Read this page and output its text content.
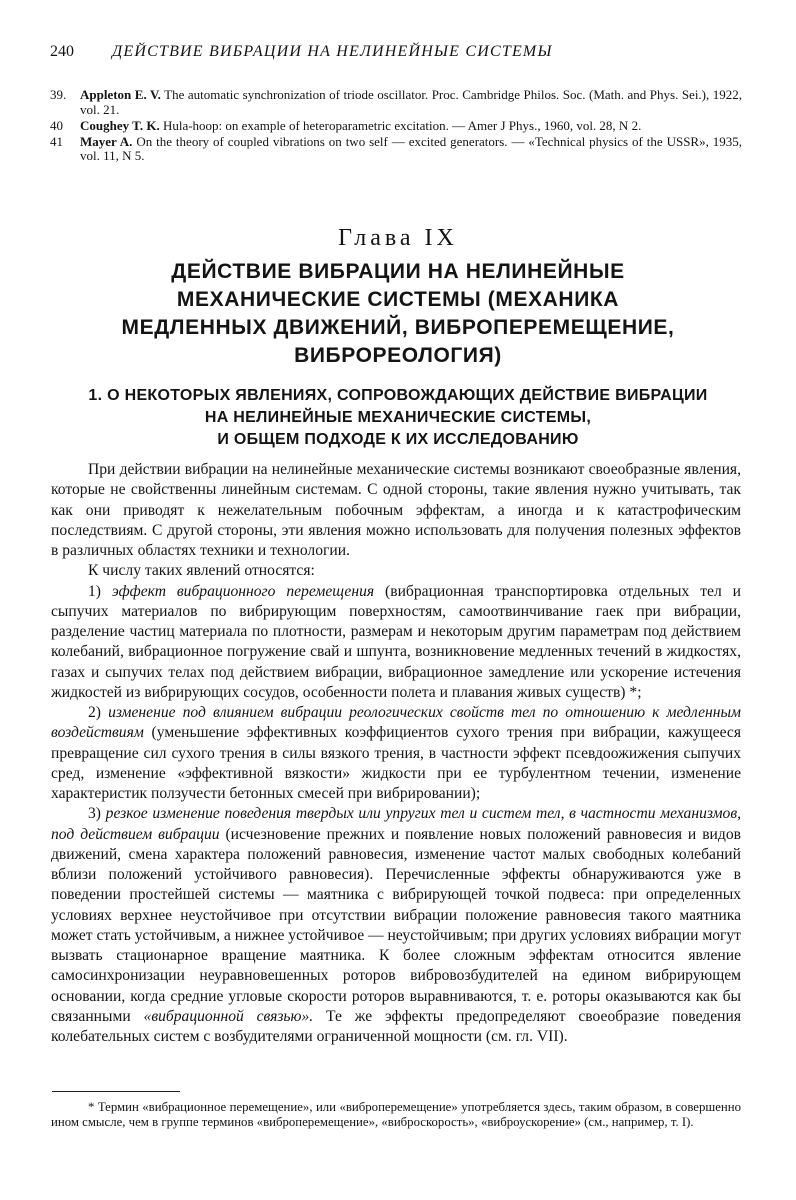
240 ДЕЙСТВИЕ ВИБРАЦИИ НА НЕЛИНЕЙНЫЕ СИСТЕМЫ
39. Appleton E. V. The automatic synchronization of triode oscillator. Proc. Cambridge Philos. Soc. (Math. and Phys. Sei.), 1922, vol. 21.
40 Coughey T. K. Hula-hoop: on example of heteroparametric excitation. — Amer J Phys., 1960, vol. 28, N 2.
41 Mayer A. On the theory of coupled vibrations on two self — excited generators. — «Technical physics of the USSR», 1935, vol. 11, N 5.
Глава IX
ДЕЙСТВИЕ ВИБРАЦИИ НА НЕЛИНЕЙНЫЕ
МЕХАНИЧЕСКИЕ СИСТЕМЫ (МЕХАНИКА
МЕДЛЕННЫХ ДВИЖЕНИЙ, ВИБРОПЕРЕМЕЩЕНИЕ,
ВИБРОРЕОЛОГИЯ)
1. О НЕКОТОРЫХ ЯВЛЕНИЯХ, СОПРОВОЖДАЮЩИХ ДЕЙСТВИЕ ВИБРАЦИИ
НА НЕЛИНЕЙНЫЕ МЕХАНИЧЕСКИЕ СИСТЕМЫ,
И ОБЩЕМ ПОДХОДЕ К ИХ ИССЛЕДОВАНИЮ

При действии вибрации на нелинейные механические системы возникают своеобразные явления, которые не свойственны линейным системам. С одной стороны, такие явления нужно учитывать, так как они приводят к нежелательным побочным эффектам, а иногда и к катастрофическим последствиям. С другой стороны, эти явления можно использовать для получения полезных эффектов в различных областях техники и технологии.

К числу таких явлений относятся:

1) эффект вибрационного перемещения (вибрационная транспортировка отдельных тел и сыпучих материалов по вибрирующим поверхностям, самоотвинчивание гаек при вибрации, разделение частиц материала по плотности, размерам и некоторым другим параметрам под действием колебаний, вибрационное погружение свай и шпунта, возникновение медленных течений в жидкостях, газах и сыпучих телах под действием вибрации, вибрационное замедление или ускорение истечения жидкостей из вибрирующих сосудов, особенности полета и плавания живых существ) *;

2) изменение под влиянием вибрации реологических свойств тел по отношению к медленным воздействиям (уменьшение эффективных коэффициентов сухого трения при вибрации, кажущееся превращение сил сухого трения в силы вязкого трения, в частности эффект псевдоожижения сыпучих сред, изменение «эффективной вязкости» жидкости при ее турбулентном течении, изменение характеристик ползучести бетонных смесей при вибрировании);

3) резкое изменение поведения твердых или упругих тел и систем тел, в частности механизмов, под действием вибрации (исчезновение прежних и появление новых положений равновесия и видов движений, смена характера положений равновесия, изменение частот малых свободных колебаний вблизи положений устойчивого равновесия). Перечисленные эффекты обнаруживаются уже в поведении простейшей системы — маятника с вибрирующей точкой подвеса: при определенных условиях верхнее неустойчивое при отсутствии вибрации положение равновесия такого маятника может стать устойчивым, а нижнее устойчивое — неустойчивым; при других условиях вибрации могут вызвать стационарное вращение маятника. К более сложным эффектам относится явление самосинхронизации неуравновешенных роторов вибровозбудителей на едином вибрирующем основании, когда средние угловые скорости роторов выравниваются, т. е. роторы оказываются как бы связанными «вибрационной связью». Те же эффекты предопределяют своеобразие поведения колебательных систем с возбудителями ограниченной мощности (см. гл. VII).

* Термин «вибрационное перемещение», или «виброперемещение» употребляется здесь, таким образом, в совершенно ином смысле, чем в группе терминов «виброперемещение», «виброскорость», «виброускорение» (см., например, т. I).
